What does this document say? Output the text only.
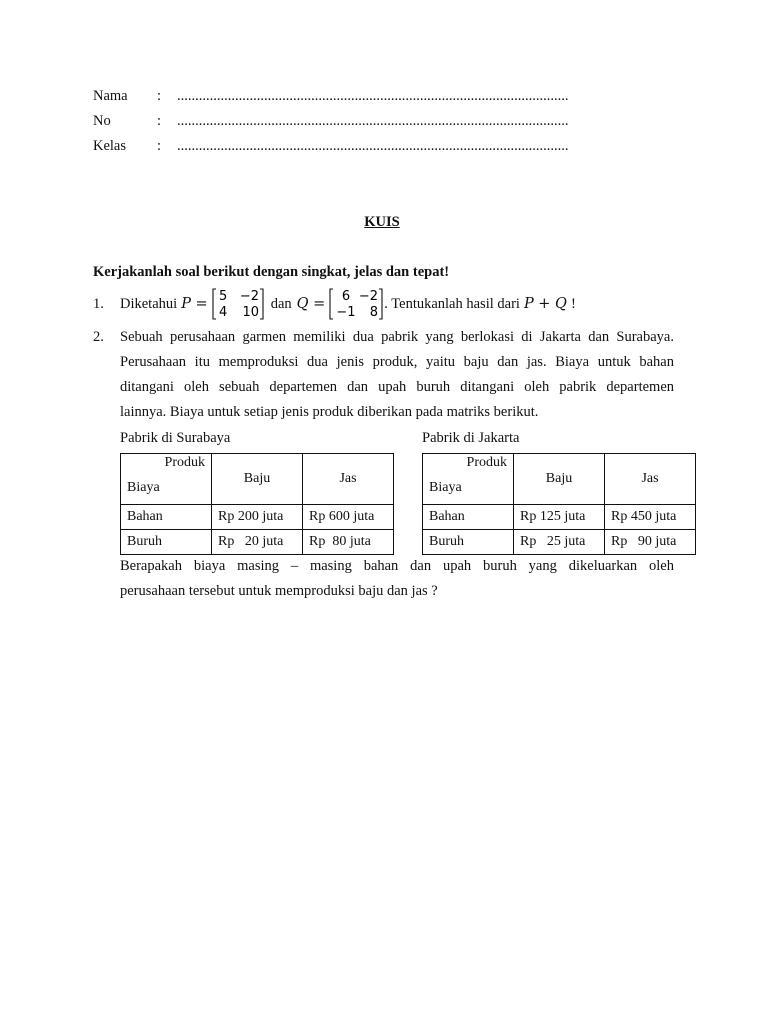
Nama : ............................................................................................................
No	: ............................................................................................................
Kelas : ............................................................................................................
KUIS
Kerjakanlah soal berikut dengan singkat, jelas dan tepat!
1. Diketahui P = 5 −2
4 10
dan Q = 6 −2
−1 8
. Tentukanlah hasil dari P + Q !
2. Sebuah perusahaan garmen memiliki dua pabrik yang berlokasi di Jakarta dan Surabaya.
Perusahaan itu memproduksi dua jenis produk, yaitu baju dan jas. Biaya untuk bahan
ditangani oleh sebuah departemen dan upah buruh ditangani oleh pabrik departemen
lainnya. Biaya untuk setiap jenis produk diberikan pada matriks berikut.
Pabrik di Surabaya	Pabrik di Jakarta
Produk
Biaya	Baju	Jas
Bahan	Rp 200 juta	Rp 600 juta
Buruh	Rp   20 juta	Rp  80 juta
Produk
Biaya	Baju	Jas
Bahan	Rp 125 juta	Rp 450 juta
Buruh	Rp   25 juta	Rp   90 juta
Berapakah biaya masing – masing bahan dan upah buruh yang dikeluarkan oleh
perusahaan tersebut untuk memproduksi baju dan jas ?
